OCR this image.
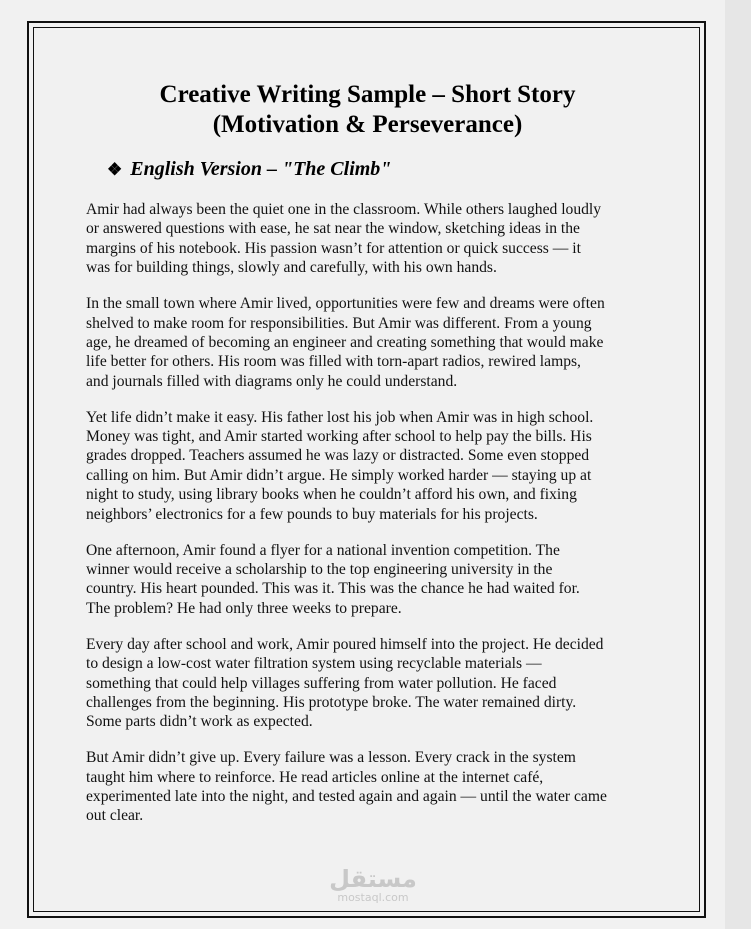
Creative Writing Sample – Short Story
(Motivation & Perseverance)
❖ English Version – "The Climb"

Amir had always been the quiet one in the classroom. While others laughed loudly
or answered questions with ease, he sat near the window, sketching ideas in the
margins of his notebook. His passion wasn’t for attention or quick success — it
was for building things, slowly and carefully, with his own hands.

In the small town where Amir lived, opportunities were few and dreams were often
shelved to make room for responsibilities. But Amir was different. From a young
age, he dreamed of becoming an engineer and creating something that would make
life better for others. His room was filled with torn-apart radios, rewired lamps,
and journals filled with diagrams only he could understand.

Yet life didn’t make it easy. His father lost his job when Amir was in high school.
Money was tight, and Amir started working after school to help pay the bills. His
grades dropped. Teachers assumed he was lazy or distracted. Some even stopped
calling on him. But Amir didn’t argue. He simply worked harder — staying up at
night to study, using library books when he couldn’t afford his own, and fixing
neighbors’ electronics for a few pounds to buy materials for his projects.

One afternoon, Amir found a flyer for a national invention competition. The
winner would receive a scholarship to the top engineering university in the
country. His heart pounded. This was it. This was the chance he had waited for.
The problem? He had only three weeks to prepare.

Every day after school and work, Amir poured himself into the project. He decided
to design a low-cost water filtration system using recyclable materials —
something that could help villages suffering from water pollution. He faced
challenges from the beginning. His prototype broke. The water remained dirty.
Some parts didn’t work as expected.

But Amir didn’t give up. Every failure was a lesson. Every crack in the system
taught him where to reinforce. He read articles online at the internet café,
experimented late into the night, and tested again and again — until the water came
out clear.

مستقل
mostaql.com
